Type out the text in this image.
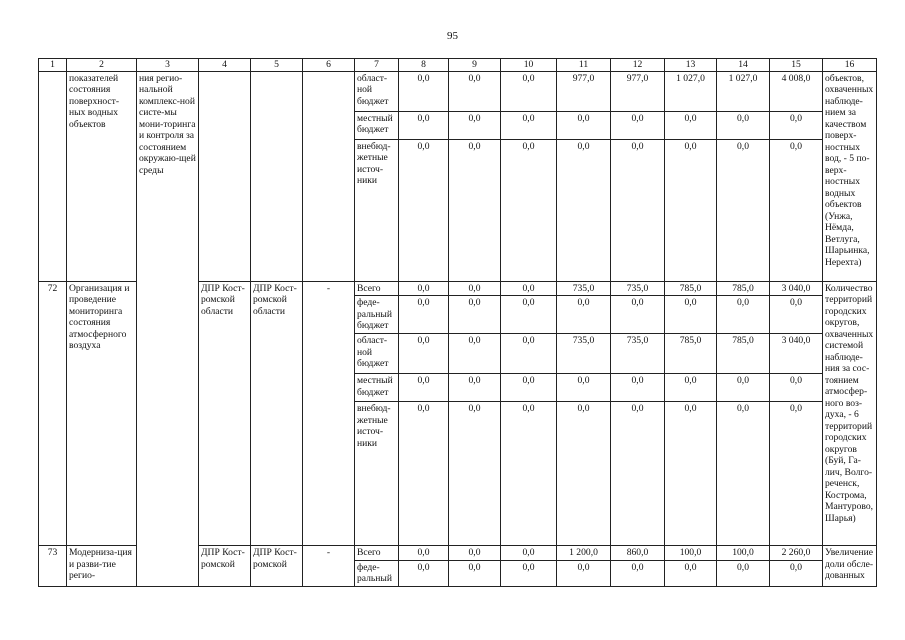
95
1	2	3	4	5	6	7	8	9	10	11	12	13	14	15	16
	показателей состояния поверхност-ных водных объектов	ния регио-нальной комплекс-ной систе-мы мони-торинга и контроля за состоянием окружаю-щей среды				област-ной бюджет	0,0	0,0	0,0	977,0	977,0	1 027,0	1 027,0	4 008,0	объектов, охваченных наблюде-нием за качеством поверх-ностных вод, - 5 по-верх-ностных водных объектов (Унжа, Нёмда, Ветлуга, Шарьинка, Нерехта)
						местный бюджет	0,0	0,0	0,0	0,0	0,0	0,0	0,0	0,0	
						внебюд-жетные источ-ники	0,0	0,0	0,0	0,0	0,0	0,0	0,0	0,0	
72	Организация и проведение мониторинга состояния атмосферного воздуха		ДПР Кост-ромской области	ДПР Кост-ромской области	-	Всего	0,0	0,0	0,0	735,0	735,0	785,0	785,0	3 040,0	Количество территорий городских округов, охваченных системой наблюде-ния за сос-тоянием атмосфер-ного воз-духа, - 6 территорий городских округов (Буй, Га-лич, Волго-реченск, Кострома, Мантурово, Шарья)
						феде-ральный бюджет	0,0	0,0	0,0	0,0	0,0	0,0	0,0	0,0	
						област-ной бюджет	0,0	0,0	0,0	735,0	735,0	785,0	785,0	3 040,0	
						местный бюджет	0,0	0,0	0,0	0,0	0,0	0,0	0,0	0,0	
						внебюд-жетные источ-ники	0,0	0,0	0,0	0,0	0,0	0,0	0,0	0,0	
73	Модерниза-ция и разви-тие регио-		ДПР Кост-ромской	ДПР Кост-ромской	-	Всего	0,0	0,0	0,0	1 200,0	860,0	100,0	100,0	2 260,0	Увеличение доли обсле-дованных
						феде-ральный	0,0	0,0	0,0	0,0	0,0	0,0	0,0	0,0	
